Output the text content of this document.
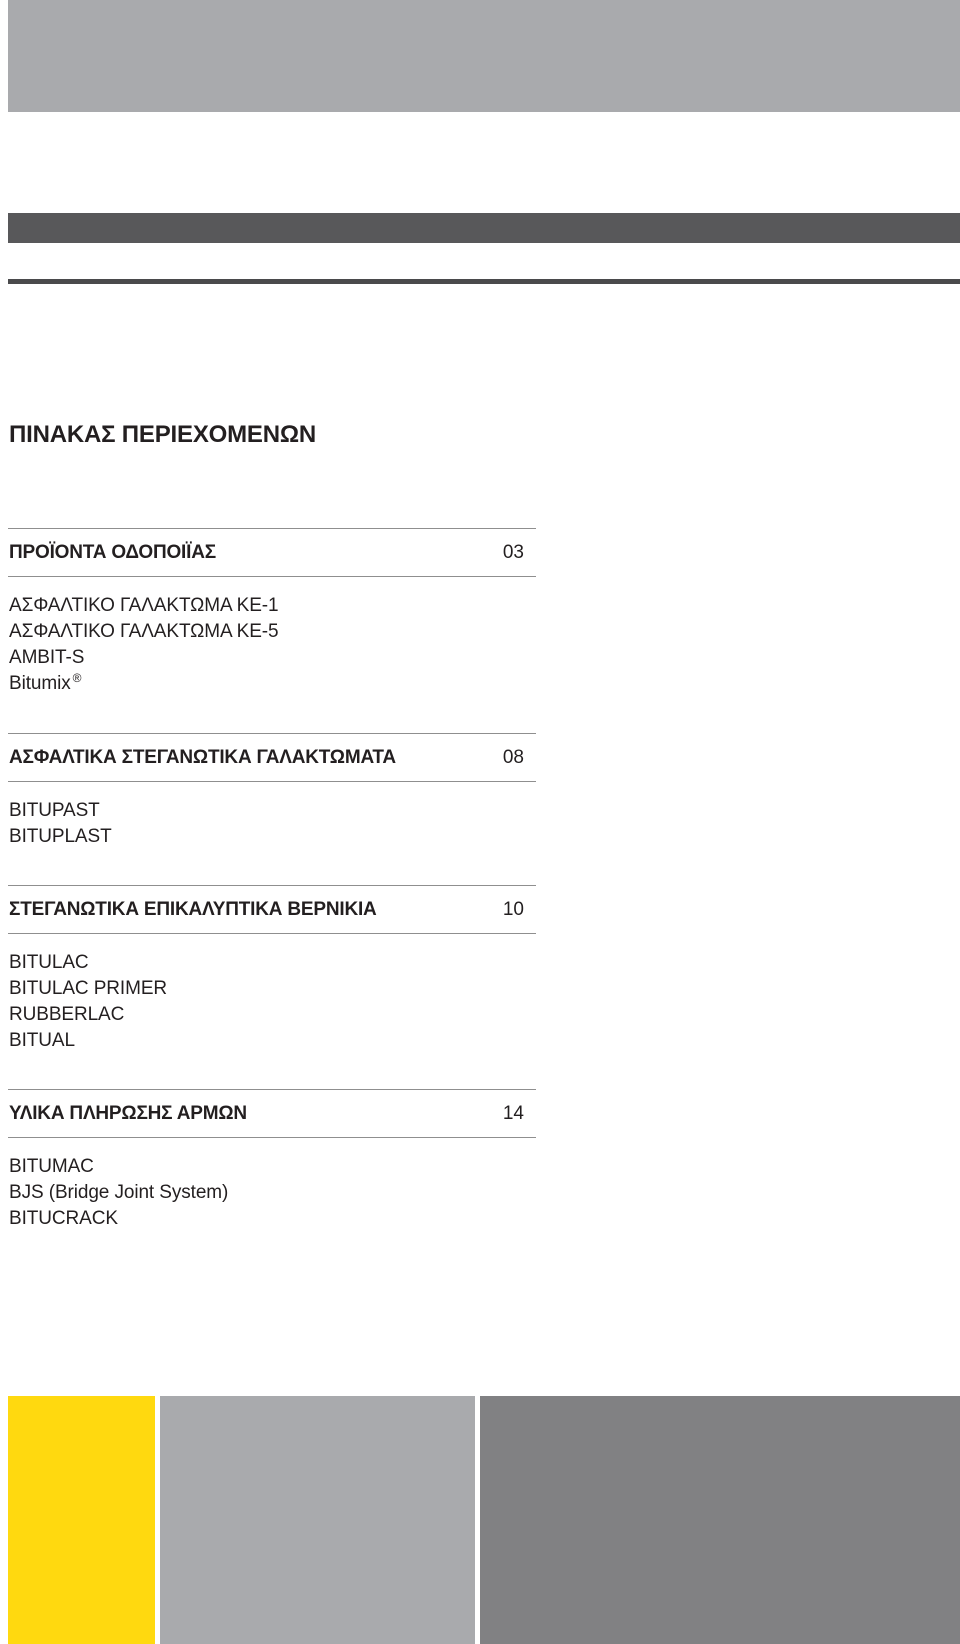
ΠΙΝΑΚΑΣ ΠΕΡΙΕΧΟΜΕΝΩΝ
ΠΡΟΪΟΝΤΑ ΟΔΟΠΟΙΪΑΣ	03
ΑΣΦΑΛΤΙΚΟ ΓΑΛΑΚΤΩΜΑ ΚΕ-1
ΑΣΦΑΛΤΙΚΟ ΓΑΛΑΚΤΩΜΑ ΚΕ-5
AMBIT-S
Bitumix ®
ΑΣΦΑΛΤΙΚΑ ΣΤΕΓΑΝΩΤΙΚΑ ΓΑΛΑΚΤΩΜΑΤΑ	08
BITUPAST
BITUPLAST
ΣΤΕΓΑΝΩΤΙΚΑ ΕΠΙΚΑΛΥΠΤΙΚΑ ΒΕΡΝΙΚΙΑ	10
BITULAC
BITULAC PRIMER
RUBBERLAC
BITUAL
ΥΛΙΚΑ ΠΛΗΡΩΣΗΣ ΑΡΜΩΝ	14
BITUMAC
BJS (Bridge Joint System)
BITUCRACK
